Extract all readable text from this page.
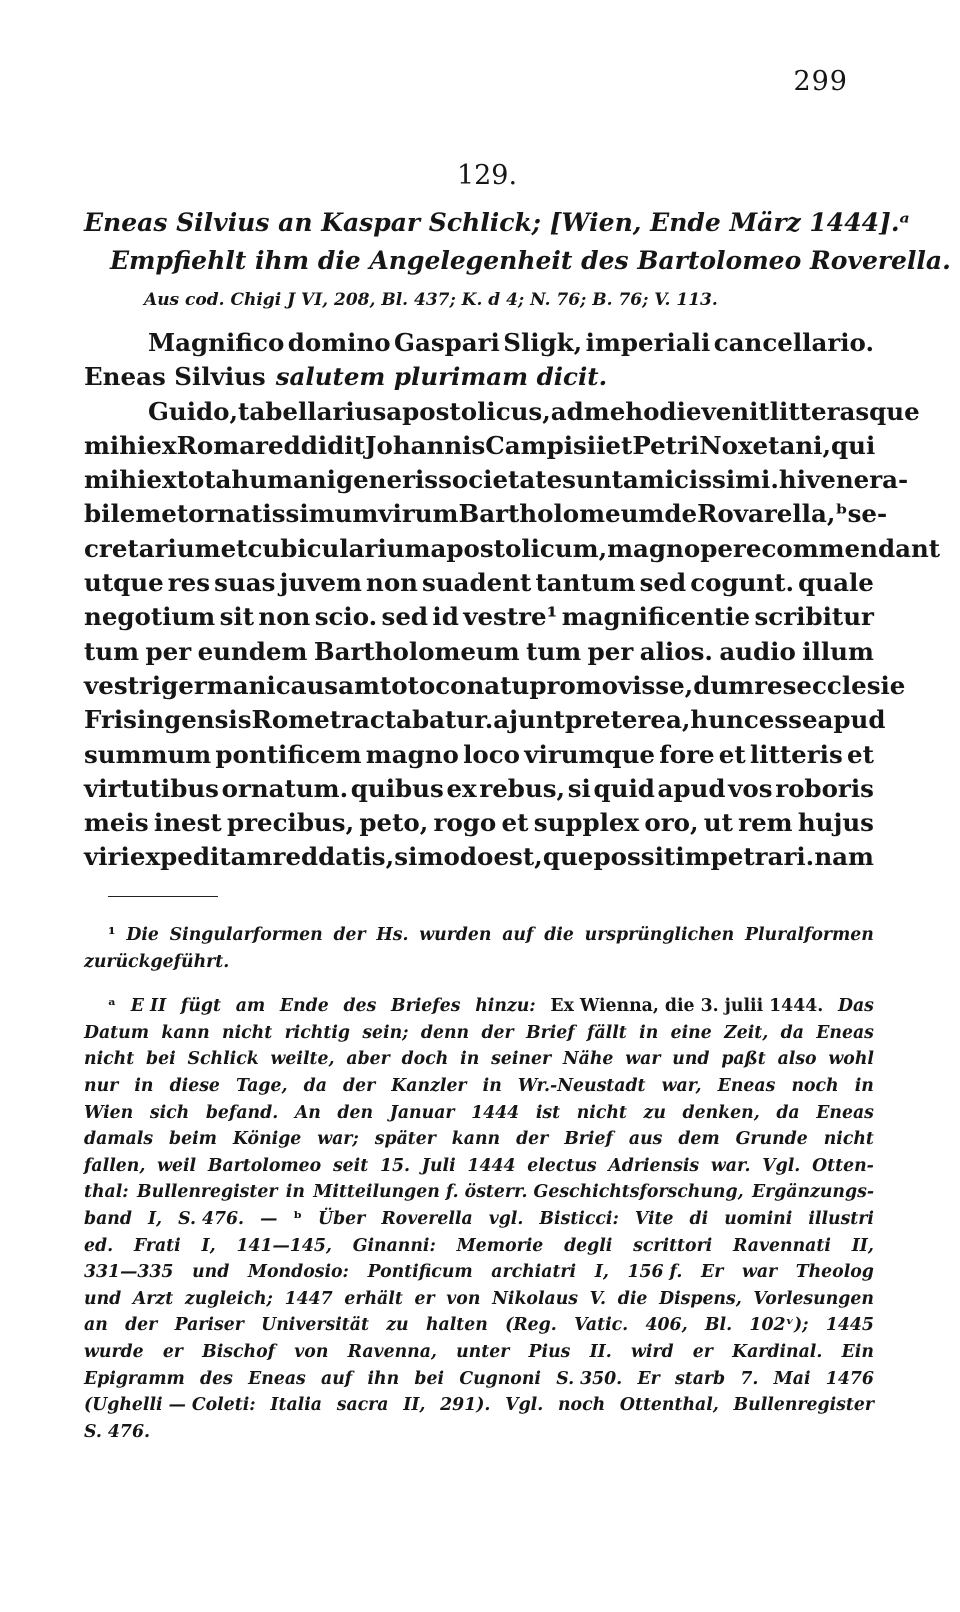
299
129.
Eneas Silvius an Kaspar Schlick; [Wien, Ende März 1444].ᵃ
Empfiehlt ihm die Angelegenheit des Bartolomeo Roverella.
Aus cod. Chigi J VI, 208, Bl. 437; K. d 4; N. 76; B. 76; V. 113.
Magnifico domino Gaspari Sligk, imperiali cancellario.
Eneas Silvius salutem plurimam dicit.
Guido, tabellarius apostolicus, ad me hodie venit litterasque
mihi ex Roma reddidit Johannis Campisii et Petri Noxetani, qui
mihi ex tota humani generis societate sunt amicissimi. hi venera-
bilem et ornatissimum virum Bartholomeum de Rovarella,ᵇ se-
cretarium et cubicularium apostolicum, magnopere commendant
utque res suas juvem non suadent tantum sed cogunt. quale
negotium sit non scio. sed id vestre¹ magnificentie scribitur
tum per eundem Bartholomeum tum per alios. audio illum
vestri germani causam toto conatu promovisse, dum res ecclesie
Frisingensis Rome tractabatur. ajunt preterea, hunc esse apud
summum pontificem magno loco virumque fore et litteris et
virtutibus ornatum. quibus ex rebus, si quid apud vos roboris
meis inest precibus, peto, rogo et supplex oro, ut rem hujus
viri expeditam reddatis, si modo est, que possit impetrari. nam
¹ Die Singularformen der Hs. wurden auf die ursprünglichen Pluralformen
zurückgeführt.
ᵃ E II fügt am Ende des Briefes hinzu: Ex Wienna, die 3. julii 1444. Das
Datum kann nicht richtig sein; denn der Brief fällt in eine Zeit, da Eneas
nicht bei Schlick weilte, aber doch in seiner Nähe war und paßt also wohl
nur in diese Tage, da der Kanzler in Wr.-Neustadt war, Eneas noch in
Wien sich befand. An den Januar 1444 ist nicht zu denken, da Eneas
damals beim Könige war; später kann der Brief aus dem Grunde nicht
fallen, weil Bartolomeo seit 15. Juli 1444 electus Adriensis war. Vgl. Otten-
thal: Bullenregister in Mitteilungen f. österr. Geschichtsforschung, Ergänzungs-
band I, S. 476. — ᵇ Über Roverella vgl. Bisticci: Vite di uomini illustri
ed. Frati I, 141—145, Ginanni: Memorie degli scrittori Ravennati II,
331—335 und Mondosio: Pontificum archiatri I, 156 f. Er war Theolog
und Arzt zugleich; 1447 erhält er von Nikolaus V. die Dispens, Vorlesungen
an der Pariser Universität zu halten (Reg. Vatic. 406, Bl. 102ᵛ); 1445
wurde er Bischof von Ravenna, unter Pius II. wird er Kardinal. Ein
Epigramm des Eneas auf ihn bei Cugnoni S. 350. Er starb 7. Mai 1476
(Ughelli — Coleti: Italia sacra II, 291). Vgl. noch Ottenthal, Bullenregister
S. 476.
